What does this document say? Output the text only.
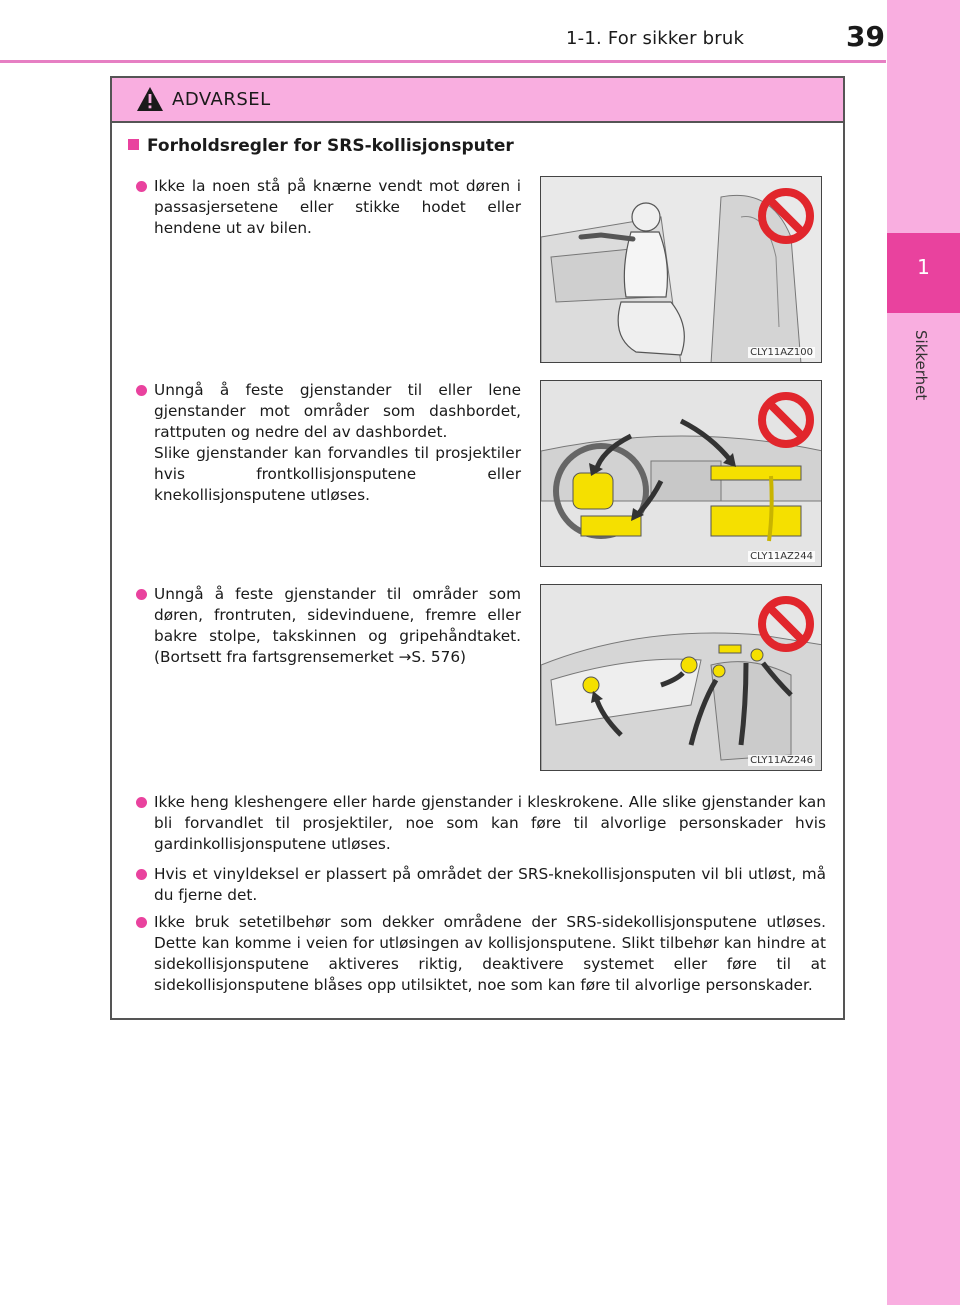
1-1. For sikker bruk	39
1
Sikkerhet
ADVARSEL
Forholdsregler for SRS-kollisjonsputer

Ikke la noen stå på knærne vendt mot døren i passasjersetene eller stikke hodet eller hendene ut av bilen.

Unngå å feste gjenstander til eller lene gjenstander mot områder som dashbordet, rattputen og nedre del av dashbordet.

Slike gjenstander kan forvandles til prosjektiler hvis frontkollisjonsputene eller knekollisjonsputene utløses.

Unngå å feste gjenstander til områder som døren, frontruten, sidevinduene, fremre eller bakre stolpe, takskinnen og gripehåndtaket. (Bortsett fra fartsgrensemerket →S. 576)

Ikke heng kleshengere eller harde gjenstander i kleskrokene. Alle slike gjenstander kan bli forvandlet til prosjektiler, noe som kan føre til alvorlige personskader hvis gardinkollisjonsputene utløses.

Hvis et vinyldeksel er plassert på området der SRS-knekollisjonsputen vil bli utløst, må du fjerne det.

Ikke bruk setetilbehør som dekker områdene der SRS-sidekollisjonsputene utløses. Dette kan komme i veien for utløsingen av kollisjonsputene. Slikt tilbehør kan hindre at sidekollisjonsputene aktiveres riktig, deaktivere systemet eller føre til at sidekollisjonsputene blåses opp utilsiktet, noe som kan føre til alvorlige personskader.

CLY11AZ100
CLY11AZ244
CLY11AZ246
